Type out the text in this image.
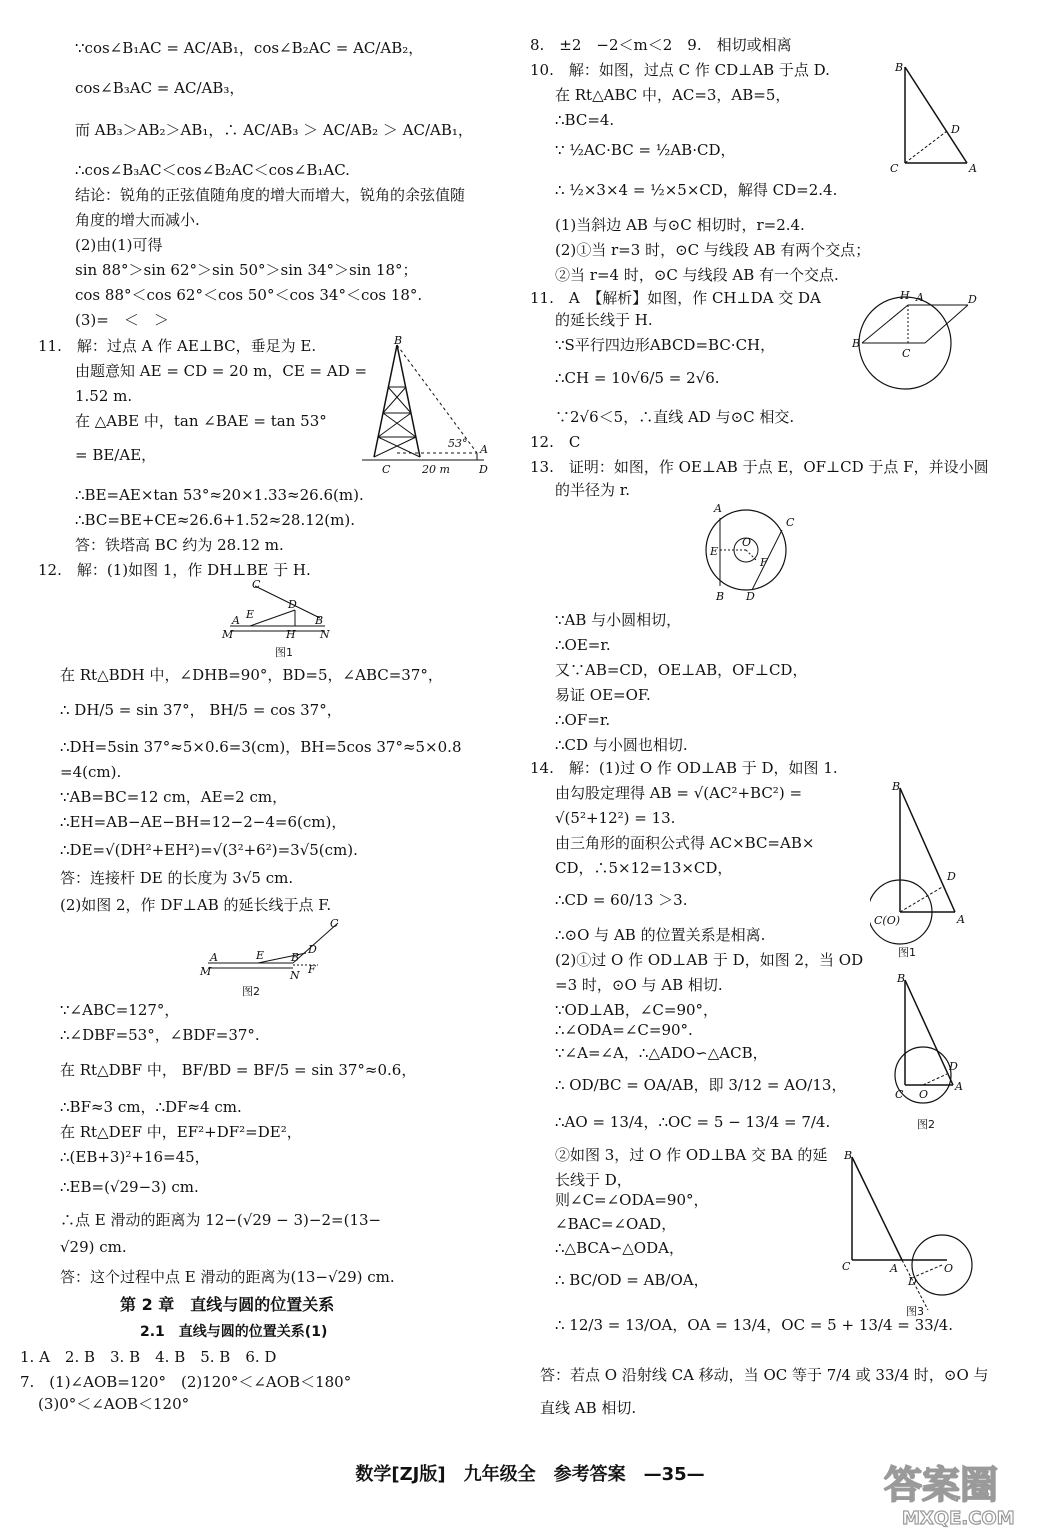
∵cos∠B₁AC = AC/AB₁，cos∠B₂AC = AC/AB₂，
cos∠B₃AC = AC/AB₃，
而 AB₃＞AB₂＞AB₁，∴ AC/AB₃ ＞ AC/AB₂ ＞ AC/AB₁，
∴cos∠B₃AC＜cos∠B₂AC＜cos∠B₁AC.
结论：锐角的正弦值随角度的增大而增大，锐角的余弦值随
角度的增大而减小.
(2)由(1)可得
sin 88°＞sin 62°＞sin 50°＞sin 34°＞sin 18°；
cos 88°＜cos 62°＜cos 50°＜cos 34°＜cos 18°.
(3)=　＜　＞
11.　解：过点 A 作 AE⊥BC，垂足为 E.
由题意知 AE = CD = 20 m，CE = AD =
1.52 m.
在 △ABE 中，tan ∠BAE = tan 53°
= BE/AE，
∴BE=AE×tan 53°≈20×1.33≈26.6(m).
∴BC=BE+CE≈26.6+1.52≈28.12(m).
答：铁塔高 BC 约为 28.12 m.
12.　解：(1)如图 1，作 DH⊥BE 于 H.
在 Rt△BDH 中，∠DHB=90°，BD=5，∠ABC=37°，
∴ DH/5 = sin 37°， BH/5 = cos 37°，
∴DH=5sin 37°≈5×0.6=3(cm)，BH=5cos 37°≈5×0.8
=4(cm).
∵AB=BC=12 cm，AE=2 cm，
∴EH=AB−AE−BH=12−2−4=6(cm)，
∴DE=√(DH²+EH²)=√(3²+6²)=3√5(cm).
答：连接杆 DE 的长度为 3√5 cm.
(2)如图 2，作 DF⊥AB 的延长线于点 F.
∵∠ABC=127°，
∴∠DBF=53°，∠BDF=37°.
在 Rt△DBF 中， BF/BD = BF/5 = sin 37°≈0.6，
∴BF≈3 cm，∴DF≈4 cm.
在 Rt△DEF 中，EF²+DF²=DE²，
∴(EB+3)²+16=45，
∴EB=(√29−3) cm.
∴点 E 滑动的距离为 12−(√29 − 3)−2=(13−
√29) cm.
答：这个过程中点 E 滑动的距离为(13−√29) cm.
第 2 章　直线与圆的位置关系
2.1　直线与圆的位置关系(1)
1. A　2. B　3. B　4. B　5. B　6. D
7.　(1)∠AOB=120°　(2)120°＜∠AOB＜180°
(3)0°＜∠AOB＜120°
B
C	D
A
20 m
53°
C
E
D
A
M	H
B
N
图1
C
D
A	E B
M	N F
图2
8.　±2　−2＜m＜2　9.　相切或相离
10.　解：如图，过点 C 作 CD⊥AB 于点 D.
在 Rt△ABC 中，AC=3，AB=5，
∴BC=4.
∵ ½AC·BC = ½AB·CD，
∴ ½×3×4 = ½×5×CD，解得 CD=2.4.
(1)当斜边 AB 与⊙C 相切时，r=2.4.
(2)①当 r=3 时，⊙C 与线段 AB 有两个交点；
②当 r=4 时，⊙C 与线段 AB 有一个交点.
11.　A　【解析】如图，作 CH⊥DA 交 DA
的延长线于 H.
∵S平行四边形ABCD=BC·CH，
∴CH = 10√6/5 = 2√6.
∵2√6＜5，∴直线 AD 与⊙C 相交.
12.　C
13.　证明：如图，作 OE⊥AB 于点 E，OF⊥CD 于点 F，并设小圆
的半径为 r.
∵AB 与小圆相切，
∴OE=r.
又∵AB=CD，OE⊥AB，OF⊥CD，
易证 OE=OF.
∴OF=r.
∴CD 与小圆也相切.
14.　解：(1)过 O 作 OD⊥AB 于 D，如图 1.
由勾股定理得 AB = √(AC²+BC²) =
√(5²+12²) = 13.
由三角形的面积公式得 AC×BC=AB×
CD，∴5×12=13×CD，
∴CD = 60/13 ＞3.
∴⊙O 与 AB 的位置关系是相离.
(2)①过 O 作 OD⊥AB 于 D，如图 2，当 OD
=3 时，⊙O 与 AB 相切.
∵OD⊥AB，∠C=90°，
∴∠ODA=∠C=90°.
∵∠A=∠A，∴△ADO∽△ACB，
∴ OD/BC = OA/AB，即 3/12 = AO/13，
∴AO = 13/4，∴OC = 5 − 13/4 = 7/4.
②如图 3，过 O 作 OD⊥BA 交 BA 的延
长线于 D，
则∠C=∠ODA=90°，
∠BAC=∠OAD，
∴△BCA∽△ODA，
∴ BC/OD = AB/OA，
∴ 12/3 = 13/OA，OA = 13/4，OC = 5 + 13/4 = 33/4.
答：若点 O 沿射线 CA 移动，当 OC 等于 7/4 或 33/4 时，⊙O 与
直线 AB 相切.
B
D
C	A
H A	D
B
C
A
C
E
O
F
B D
B
D
C(O)	A
图1
B
D
C O
A
图2
B
C	A	O
D
图3
数学[ZJ版]　九年级全　参考答案　—35—	答案圈
MXQE.COM
